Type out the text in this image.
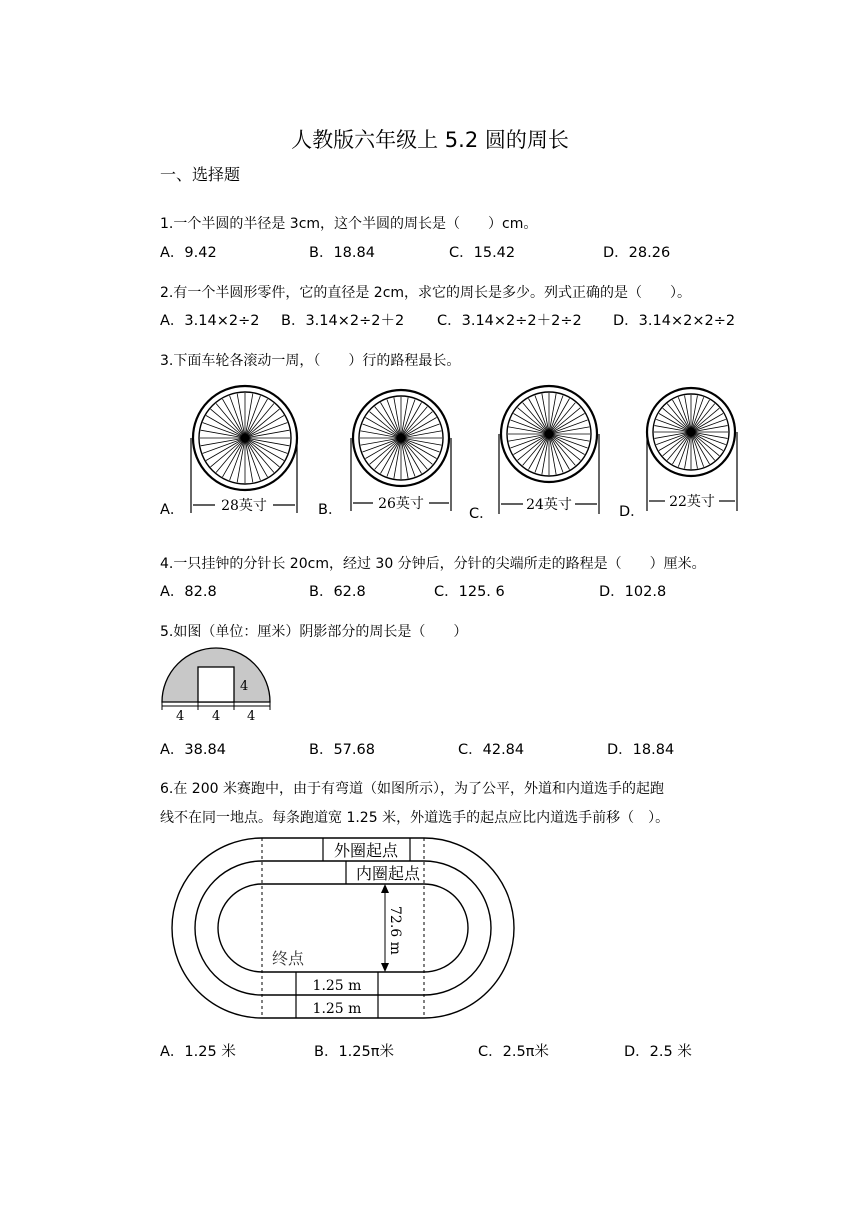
人教版六年级上 5.2 圆的周长
一、选择题
1.一个半圆的半径是 3cm，这个半圆的周长是（　　）cm。
A．9.42	B．18.84	C．15.42	D．28.26
2.有一个半圆形零件，它的直径是 2cm，求它的周长是多少。列式正确的是（　　）。
A．3.14×2÷2 B．3.14×2÷2＋2 C．3.14×2÷2＋2÷2 D．3.14×2×2÷2
3.下面车轮各滚动一周，（　　）行的路程最长。
A．	B．	C．	D．
28英寸	26英寸	24英寸	22英寸
4.一只挂钟的分针长 20cm，经过 30 分钟后，分针的尖端所走的路程是（　　）厘米。
A．82.8	B．62.8	C．125. 6	D．102.8
5.如图（单位：厘米）阴影部分的周长是（　　）
4
4 4 4
A．38.84	B．57.68	C．42.84	D．18.84
6.在 200 米赛跑中，由于有弯道（如图所示），为了公平，外道和内道选手的起跑
线不在同一地点。每条跑道宽 1.25 米，外道选手的起点应比内道选手前移（　）。
外圈起点
内圈起点
72.6 m
终点
1.25 m
1.25 m
A．1.25 米	B．1.25π米	C．2.5π米	D．2.5 米
